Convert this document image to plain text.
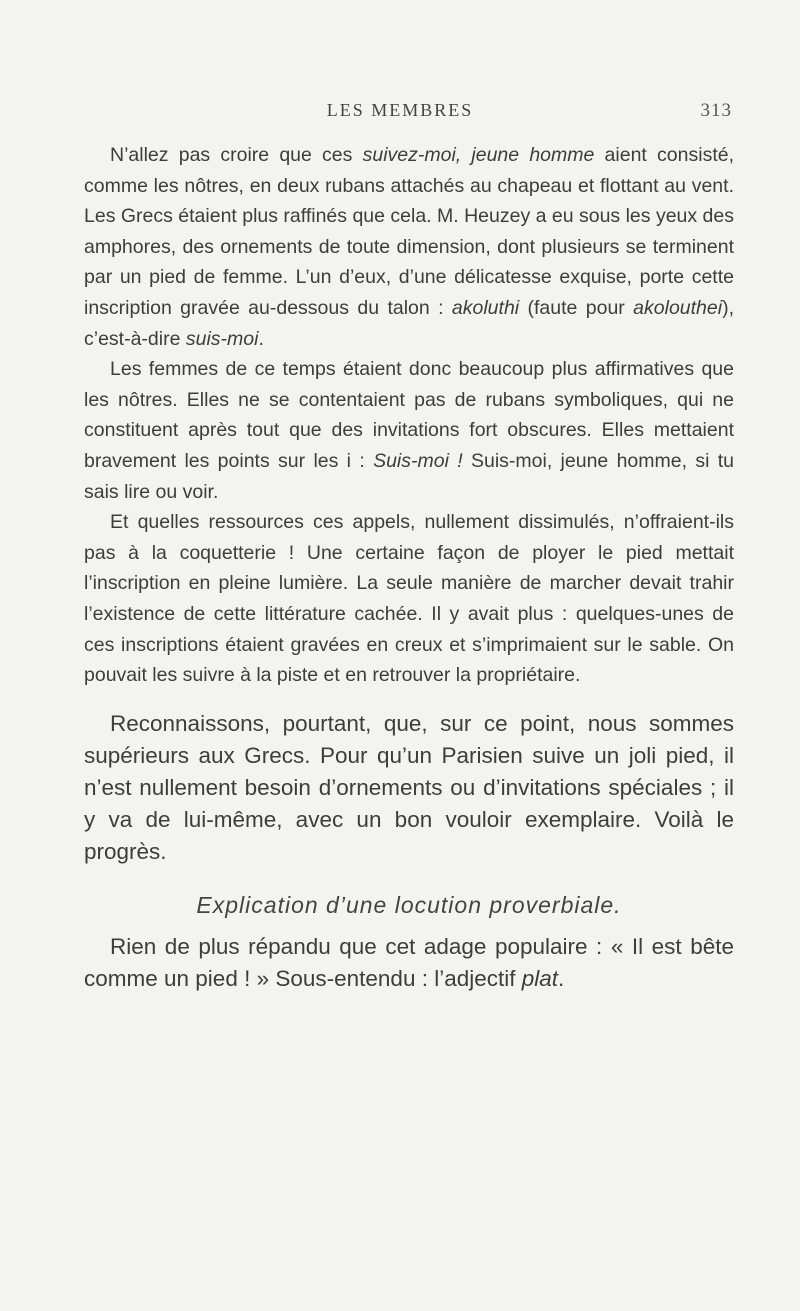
LES MEMBRES	313

N’allez pas croire que ces suivez-moi, jeune homme aient consisté, comme les nôtres, en deux rubans attachés au chapeau et flottant au vent. Les Grecs étaient plus raffinés que cela. M. Heuzey a eu sous les yeux des amphores, des ornements de toute dimension, dont plusieurs se terminent par un pied de femme. L’un d’eux, d’une délicatesse exquise, porte cette inscription gravée au-dessous du talon : akoluthi (faute pour akolouthei), c’est-à-dire suis-moi.

Les femmes de ce temps étaient donc beaucoup plus affirmatives que les nôtres. Elles ne se contentaient pas de rubans symboliques, qui ne constituent après tout que des invitations fort obscures. Elles mettaient bravement les points sur les i : Suis-moi ! Suis-moi, jeune homme, si tu sais lire ou voir.

Et quelles ressources ces appels, nullement dissimulés, n’offraient-ils pas à la coquetterie ! Une certaine façon de ployer le pied mettait l’inscription en pleine lumière. La seule manière de marcher devait trahir l’existence de cette littérature cachée. Il y avait plus : quelques-unes de ces inscriptions étaient gravées en creux et s’imprimaient sur le sable. On pouvait les suivre à la piste et en retrouver la propriétaire.

Reconnaissons, pourtant, que, sur ce point, nous sommes supérieurs aux Grecs. Pour qu’un Parisien suive un joli pied, il n’est nullement besoin d’ornements ou d’invitations spéciales ; il y va de lui-même, avec un bon vouloir exemplaire. Voilà le progrès.

Explication d’une locution proverbiale.

Rien de plus répandu que cet adage populaire : « Il est bête comme un pied ! » Sous-entendu : l’adjectif plat.
